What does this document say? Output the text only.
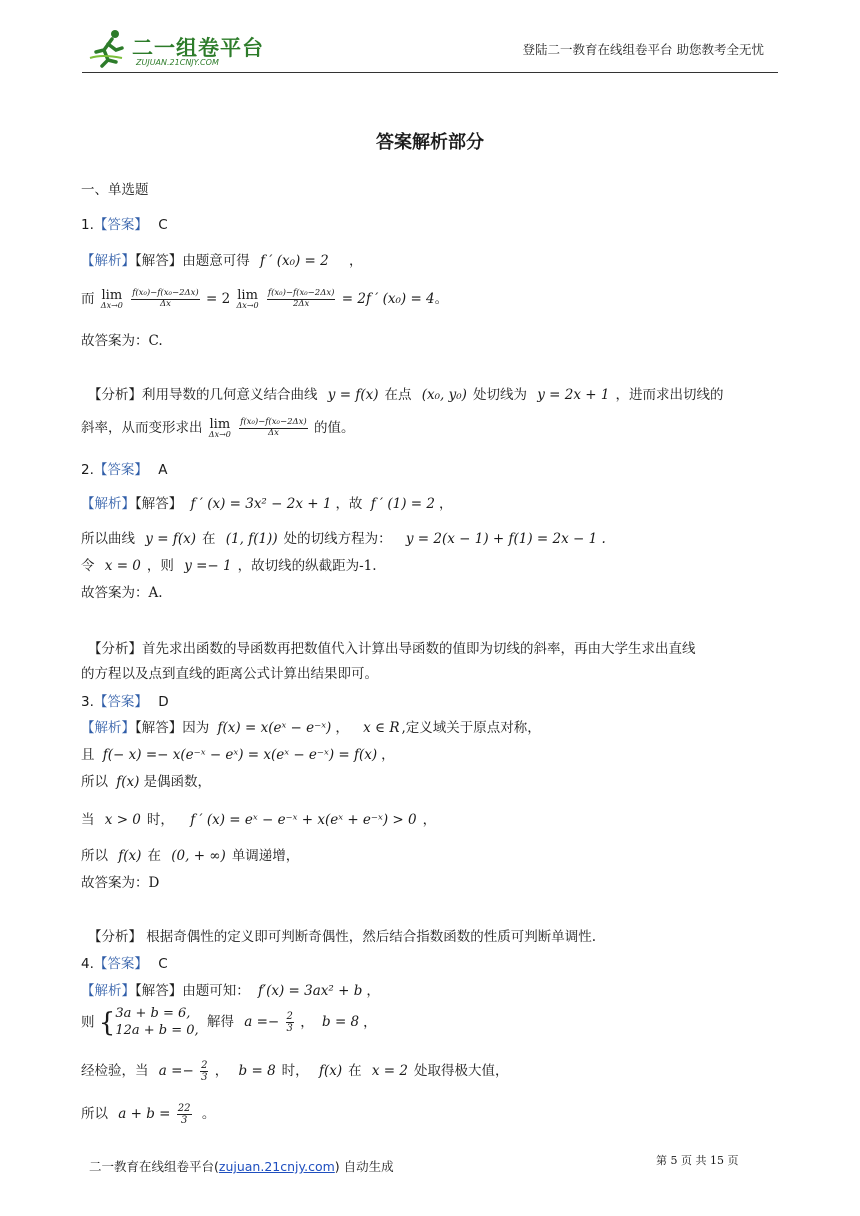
二一组卷平台
ZUJUAN.21CNJY.COM
登陆二一教育在线组卷平台 助您教考全无忧
答案解析部分
一、单选题
1.【答案】 C
【解析】【解答】由题意可得 f ′ (x₀) = 2 ，
而 lim
Δx→0
$\frac{\text{f(x₀)−f(x₀−2Δx)}}{\Delta x} = 2$ lim
Δx→0
$\frac{\text{f(x₀)−f(x₀−2Δx)}}{2\Delta x} = 2f$ ′ (x₀) = 4。
故答案为：C.
【分析】利用导数的几何意义结合曲线 y = f(x) 在点 (x₀, y₀) 处切线为 y = 2x + 1 ，进而求出切线的
斜率，从而变形求出 lim
Δx→0
$\frac{\text{f(x₀)−f(x₀−2Δx)}}{\Delta x}$ 的值。
2.【答案】 A
【解析】【解答】 f ′ (x) = 3x² − 2x + 1 ，故 f ′ (1) = 2 ，
所以曲线 y = f(x) 在 (1, f(1)) 处的切线方程为： y = 2(x − 1) + f(1) = 2x − 1 .
令 x = 0 ，则 y =− 1 ，故切线的纵截距为-1.
故答案为：A.
【分析】首先求出函数的导函数再把数值代入计算出导函数的值即为切线的斜率，再由大学生求出直线
的方程以及点到直线的距离公式计算出结果即可。
3.【答案】 D
【解析】【解答】因为 f(x) = x(eˣ − e⁻ˣ) ， x ∈ R ,定义域关于原点对称，
且 f(− x) =− x(e⁻ˣ − eˣ) = x(eˣ − e⁻ˣ) = f(x) ，
所以 f(x) 是偶函数，
当 x > 0 时， f ′ (x) = eˣ − e⁻ˣ + x(eˣ + e⁻ˣ) > 0 ，
所以 f(x) 在 (0, + ∞) 单调递增，
故答案为：D
【分析】 根据奇偶性的定义即可判断奇偶性，然后结合指数函数的性质可判断单调性.
4.【答案】 C
【解析】【解答】由题可知： f′(x) = 3ax² + b ，
则 { 3a + b = 6,
12a + b = 0, 解得 $a =- \frac{2}{3}$ ， b = 8 ，
经检验，当 $a =- \frac{2}{3}$ ， b = 8 时， f(x) 在 x = 2 处取得极大值，
所以 $a + b = \frac{22}{3}$ 。
二一教育在线组卷平台(zujuan.21cnjy.com) 自动生成	第 5 页 共 15 页
